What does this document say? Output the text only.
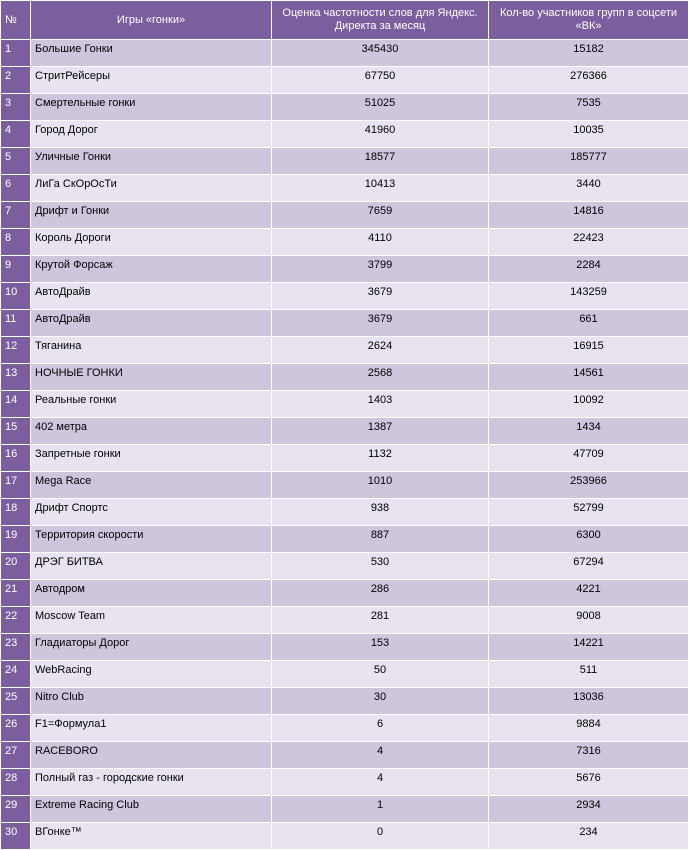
№	Игры «гонки»	Оценка частотности слов для Яндекс. Директа за месяц	Кол-во участников групп в соцсети «ВК»
1	Большие Гонки	345430	15182
2	СтритРейсеры	67750	276366
3	Смертельные гонки	51025	7535
4	Город Дорог	41960	10035
5	Уличные Гонки	18577	185777
6	ЛиГа СкОрОсТи	10413	3440
7	Дрифт и Гонки	7659	14816
8	Король Дороги	4110	22423
9	Крутой Форсаж	3799	2284
10	АвтоДрайв	3679	143259
11	АвтоДрайв	3679	661
12	Тяганина	2624	16915
13	НОЧНЫЕ ГОНКИ	2568	14561
14	Реальные гонки	1403	10092
15	402 метра	1387	1434
16	Запретные гонки	1132	47709
17	Mega Race	1010	253966
18	Дрифт Спортс	938	52799
19	Территория скорости	887	6300
20	ДРЭГ БИТВА	530	67294
21	Автодром	286	4221
22	Moscow Team	281	9008
23	Гладиаторы Дорог	153	14221
24	WebRacing	50	511
25	Nitro Club	30	13036
26	F1=Формула1	6	9884
27	RACEBORO	4	7316
28	Полный газ - городские гонки	4	5676
29	Extreme Racing Club	1	2934
30	ВГонке™	0	234
